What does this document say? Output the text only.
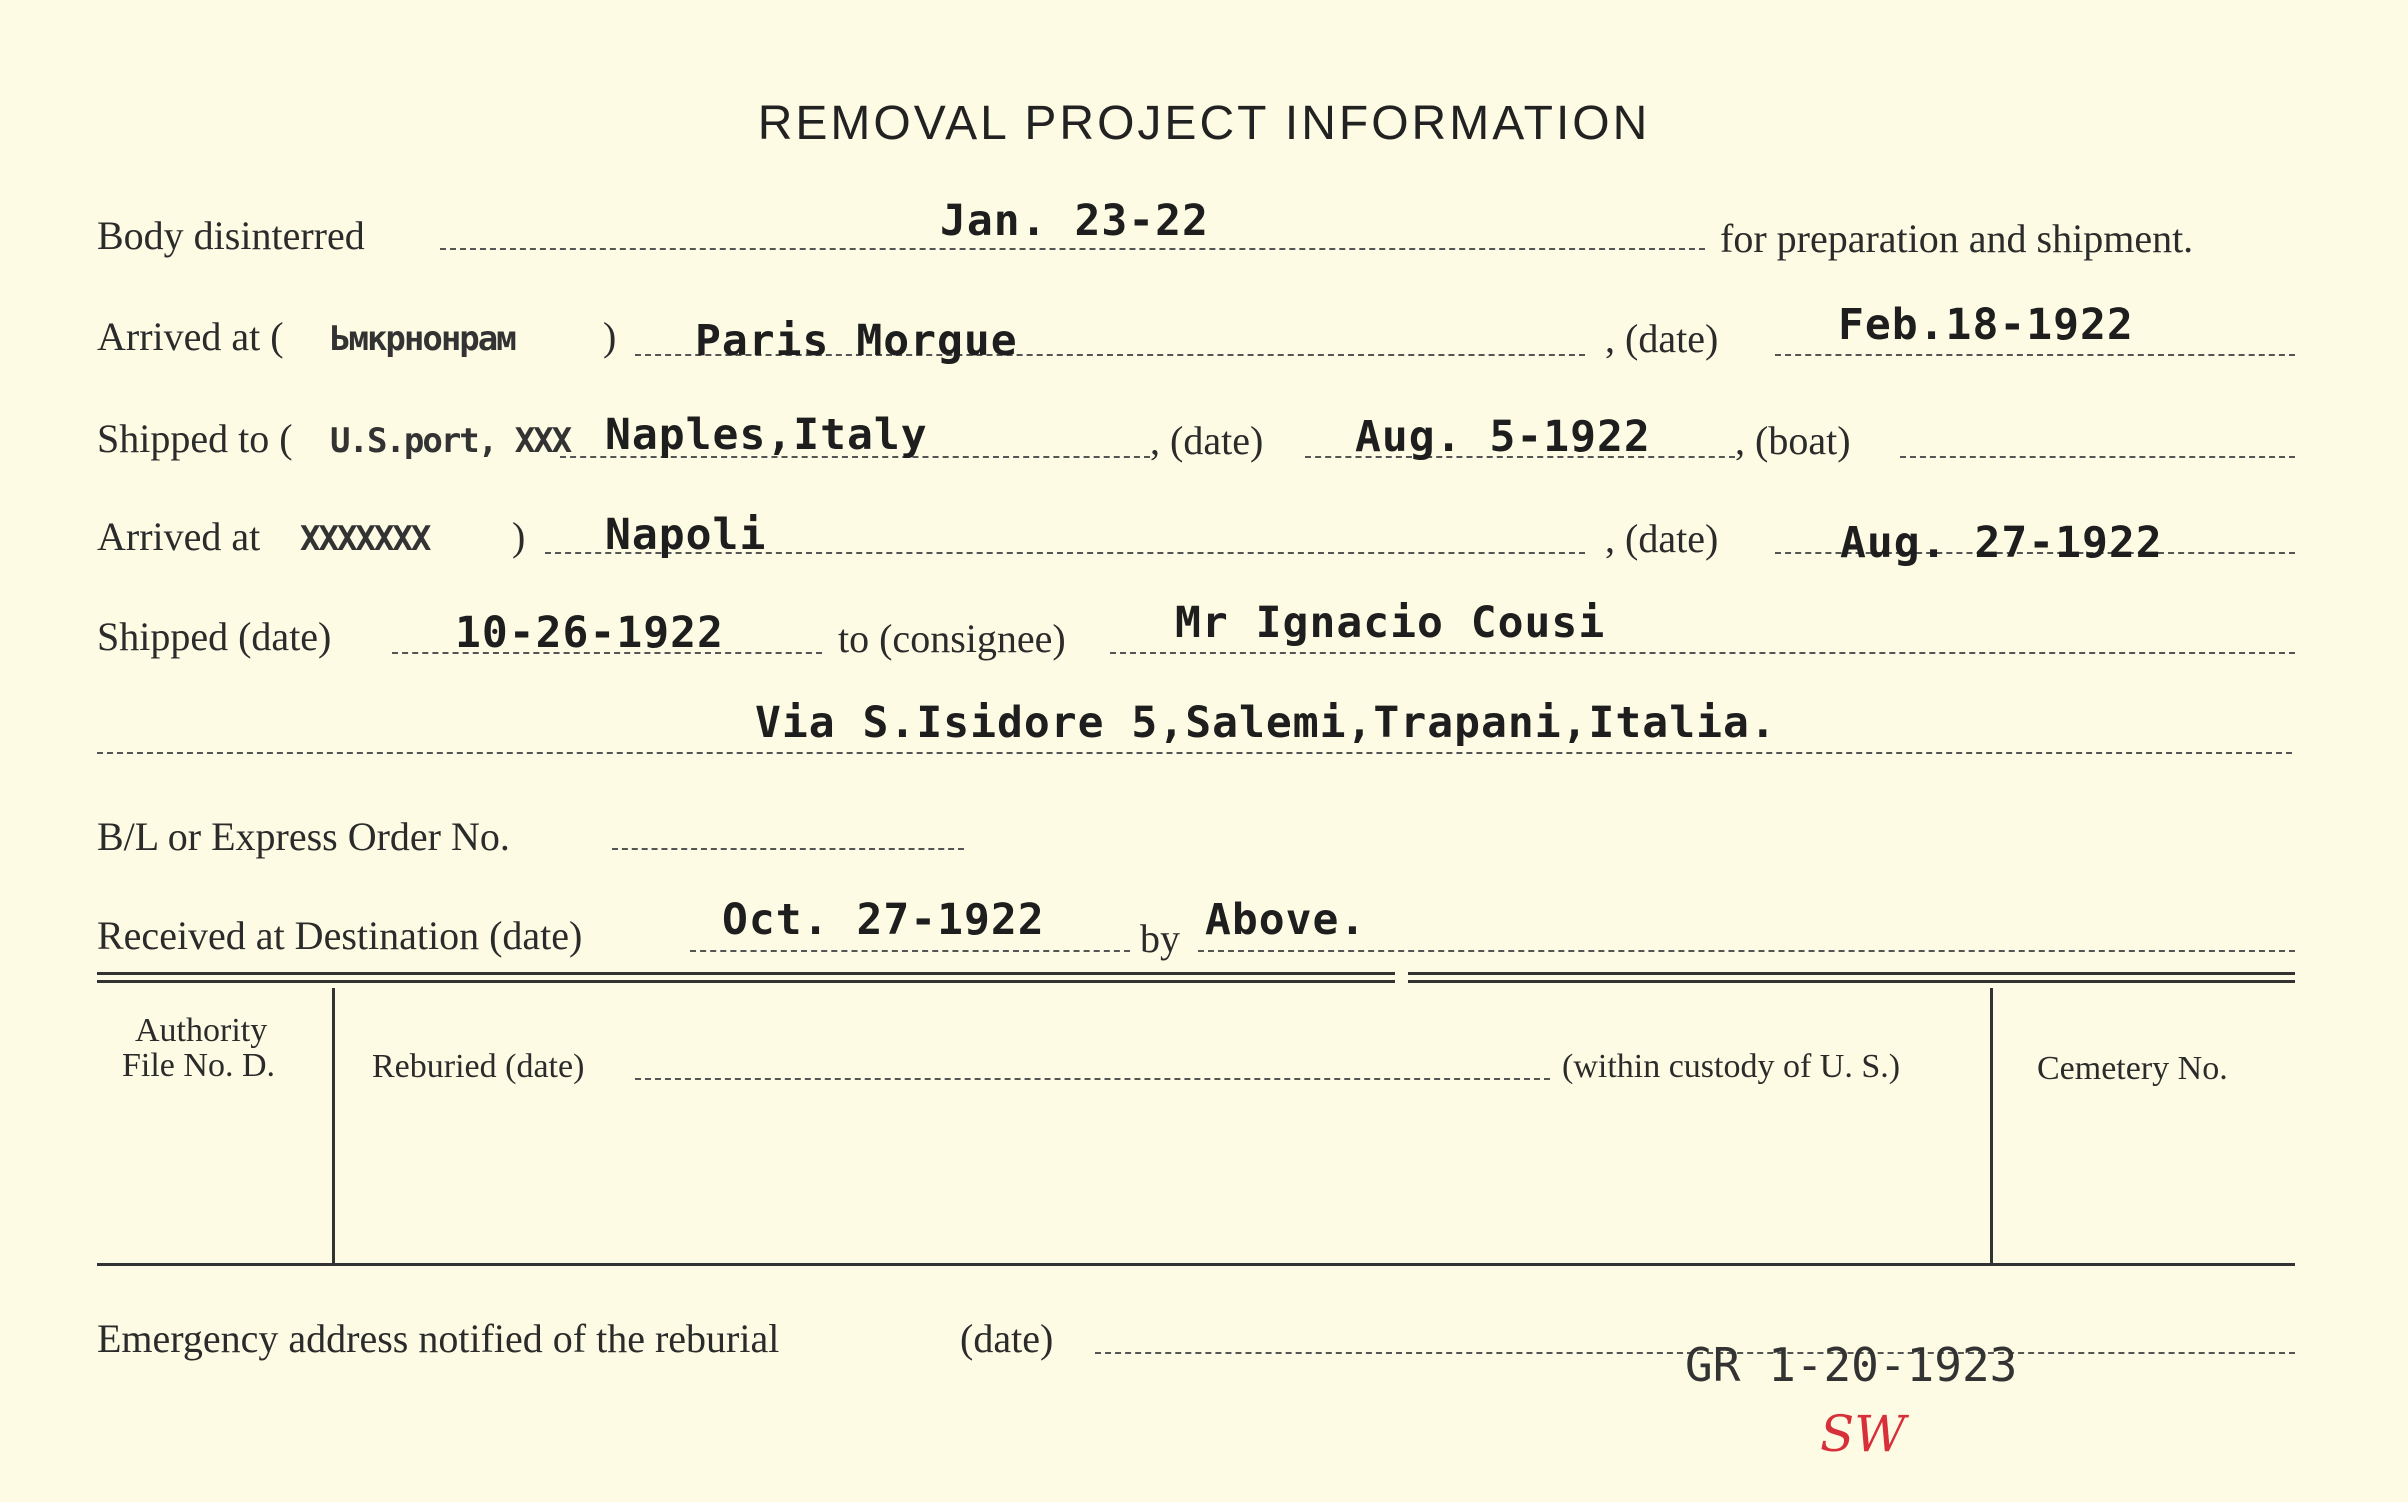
REMOVAL PROJECT INFORMATION
Body disinterred	Jan. 23-22	for preparation and shipment.
Arrived at ( Ьмкрнонрам ) Paris Morgue	, (date)	Feb.18-1922
Shipped to ( U.S.port, XXX Naples,Italy	, (date) Aug. 5-1922 , (boat)
Arrived at XXXXXXX ) Napoli	, (date)	Aug. 27-1922
Shipped (date)	10-26-1922	to (consignee)	Mr Ignacio Cousi
Via S.Isidore 5,Salemi,Trapani,Italia.
B/L or Express Order No.
Received at Destination (date)	Oct. 27-1922 by Above.
Authority
File No. D.	Reburied (date)	(within custody of U. S.)	Cemetery No.
Emergency address notified of the reburial	(date)	GR 1-20-1923
SW
